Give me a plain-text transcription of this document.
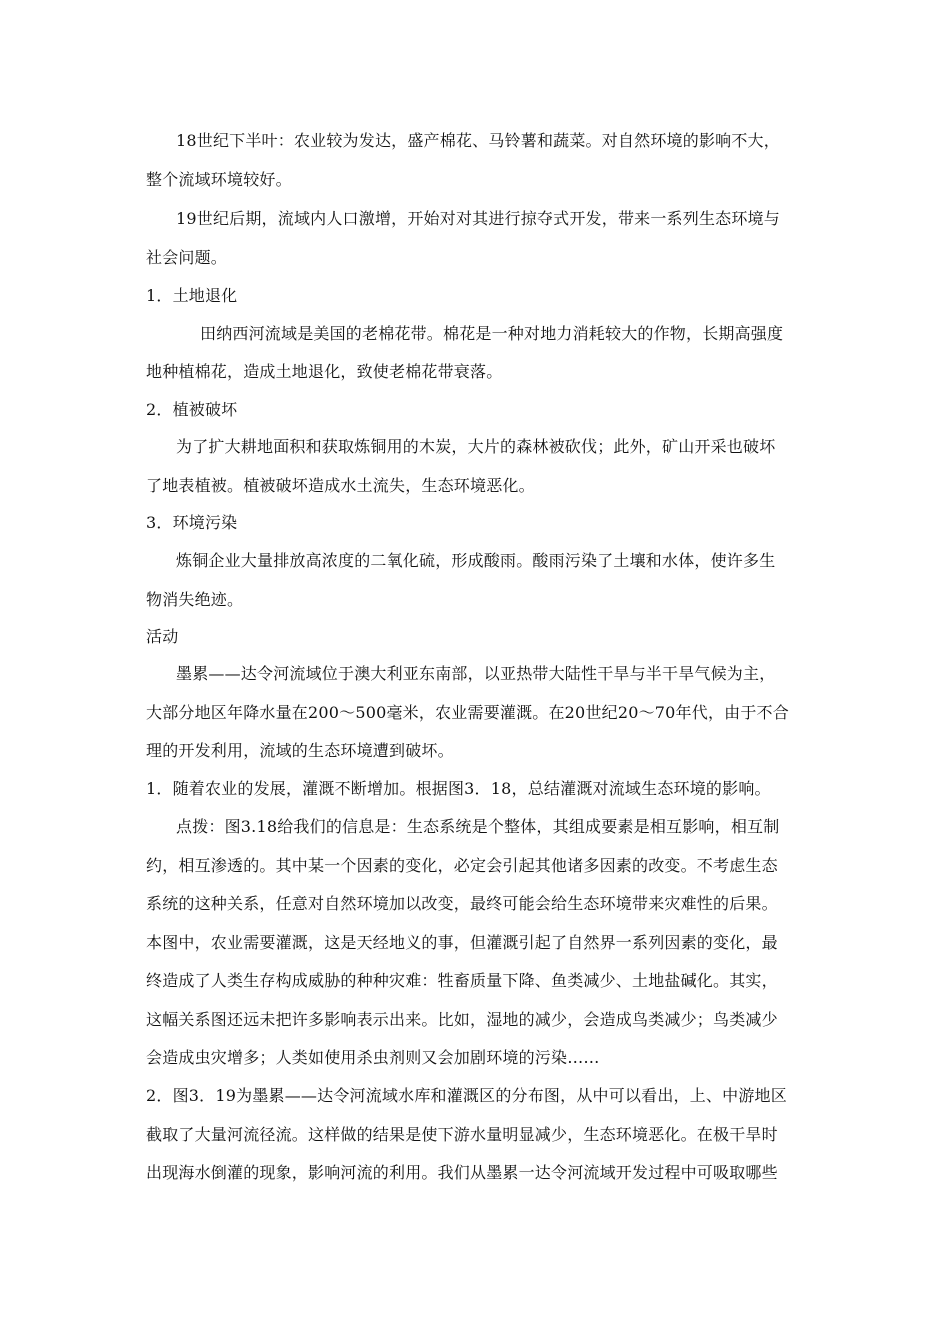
18世纪下半叶：农业较为发达，盛产棉花、马铃薯和蔬菜。对自然环境的影响不大，
整个流域环境较好。
19世纪后期，流域内人口激增，开始对对其进行掠夺式开发，带来一系列生态环境与
社会问题。
1．土地退化
田纳西河流域是美国的老棉花带。棉花是一种对地力消耗较大的作物，长期高强度
地种植棉花，造成土地退化，致使老棉花带衰落。
2．植被破坏
为了扩大耕地面积和获取炼铜用的木炭，大片的森林被砍伐；此外，矿山开采也破坏
了地表植被。植被破坏造成水土流失，生态环境恶化。
3．环境污染
炼铜企业大量排放高浓度的二氧化硫，形成酸雨。酸雨污染了土壤和水体，使许多生
物消失绝迹。
活动
墨累——达令河流域位于澳大利亚东南部，以亚热带大陆性干旱与半干旱气候为主，
大部分地区年降水量在200～500毫米，农业需要灌溉。在20世纪20～70年代，由于不合
理的开发利用，流域的生态环境遭到破坏。
1．随着农业的发展，灌溉不断增加。根据图3．18，总结灌溉对流域生态环境的影响。
点拨：图3.18给我们的信息是：生态系统是个整体，其组成要素是相互影响，相互制
约，相互渗透的。其中某一个因素的变化，必定会引起其他诸多因素的改变。不考虑生态
系统的这种关系，任意对自然环境加以改变，最终可能会给生态环境带来灾难性的后果。
本图中，农业需要灌溉，这是天经地义的事，但灌溉引起了自然界一系列因素的变化，最
终造成了人类生存构成威胁的种种灾难：牲畜质量下降、鱼类减少、土地盐碱化。其实，
这幅关系图还远未把许多影响表示出来。比如，湿地的减少，会造成鸟类减少；鸟类减少
会造成虫灾增多；人类如使用杀虫剂则又会加剧环境的污染……
2．图3．19为墨累——达令河流域水库和灌溉区的分布图，从中可以看出，上、中游地区
截取了大量河流径流。这样做的结果是使下游水量明显减少，生态环境恶化。在极干旱时
出现海水倒灌的现象，影响河流的利用。我们从墨累一达令河流域开发过程中可吸取哪些
